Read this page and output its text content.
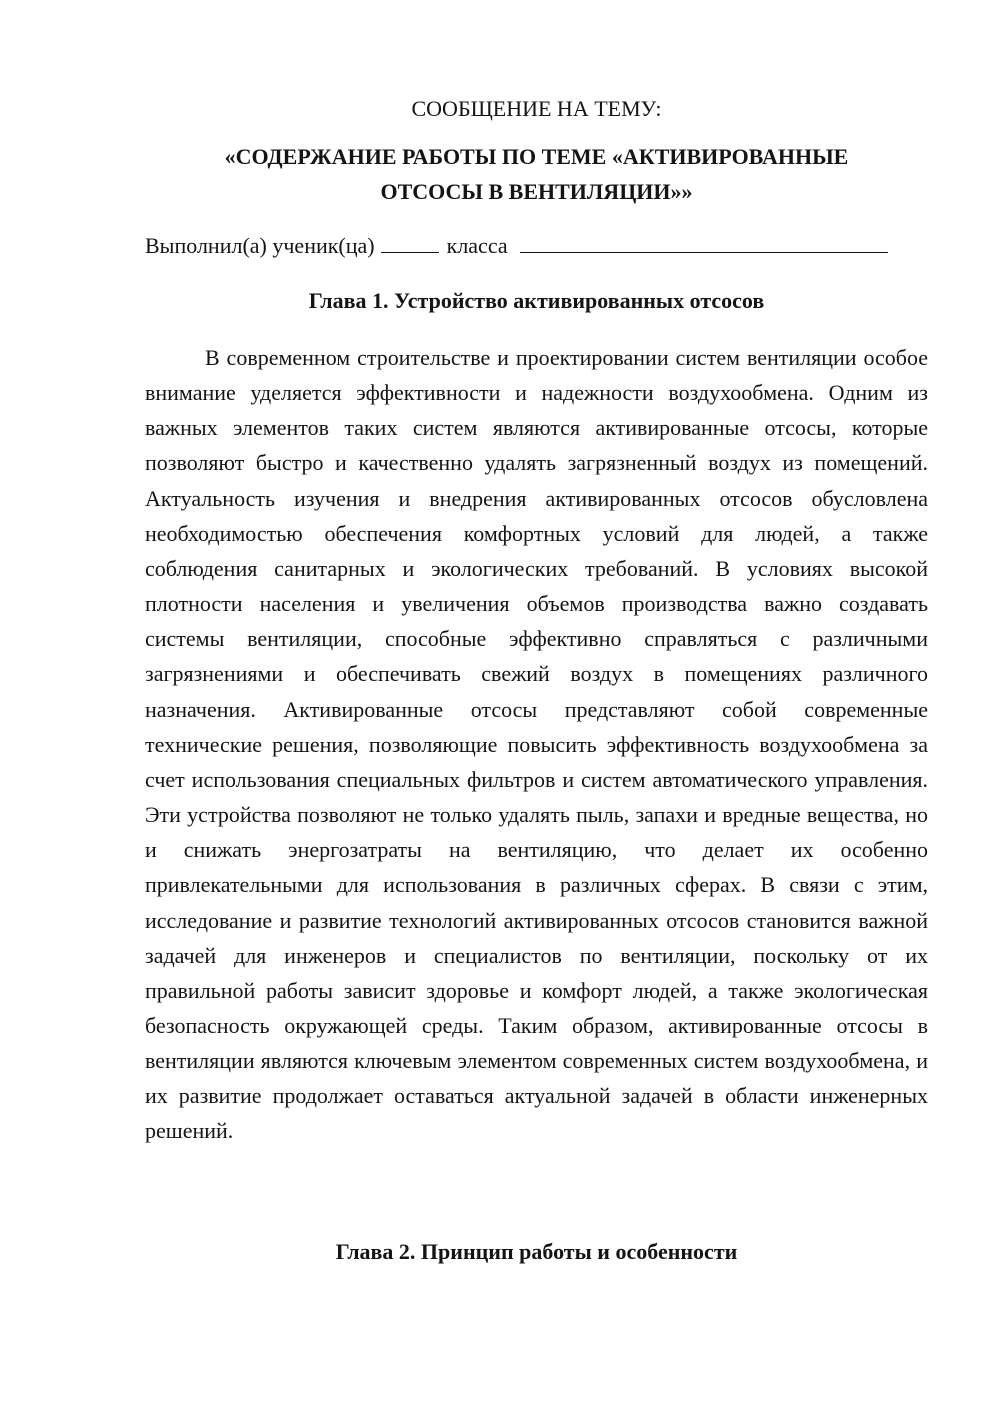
СООБЩЕНИЕ НА ТЕМУ:
«СОДЕРЖАНИЕ РАБОТЫ ПО ТЕМЕ «АКТИВИРОВАННЫЕ
ОТСОСЫ В ВЕНТИЛЯЦИИ»»
Выполнил(а) ученик(ца)	класса
Глава 1. Устройство активированных отсосов

В современном строительстве и проектировании систем вентиляции особое внимание уделяется эффективности и надежности воздухообмена. Одним из важных элементов таких систем являются активированные отсосы, которые позволяют быстро и качественно удалять загрязненный воздух из помещений. Актуальность изучения и внедрения активированных отсосов обусловлена необходимостью обеспечения комфортных условий для людей, а также соблюдения санитарных и экологических требований. В условиях высокой плотности населения и увеличения объемов производства важно создавать системы вентиляции, способные эффективно справляться с различными загрязнениями и обеспечивать свежий воздух в помещениях различного назначения. Активированные отсосы представляют собой современные технические решения, позволяющие повысить эффективность воздухообмена за счет использования специальных фильтров и систем автоматического управления. Эти устройства позволяют не только удалять пыль, запахи и вредные вещества, но и снижать энергозатраты на вентиляцию, что делает их особенно привлекательными для использования в различных сферах. В связи с этим, исследование и развитие технологий активированных отсосов становится важной задачей для инженеров и специалистов по вентиляции, поскольку от их правильной работы зависит здоровье и комфорт людей, а также экологическая безопасность окружающей среды. Таким образом, активированные отсосы в вентиляции являются ключевым элементом современных систем воздухообмена, и их развитие продолжает оставаться актуальной задачей в области инженерных решений.

Глава 2. Принцип работы и особенности
